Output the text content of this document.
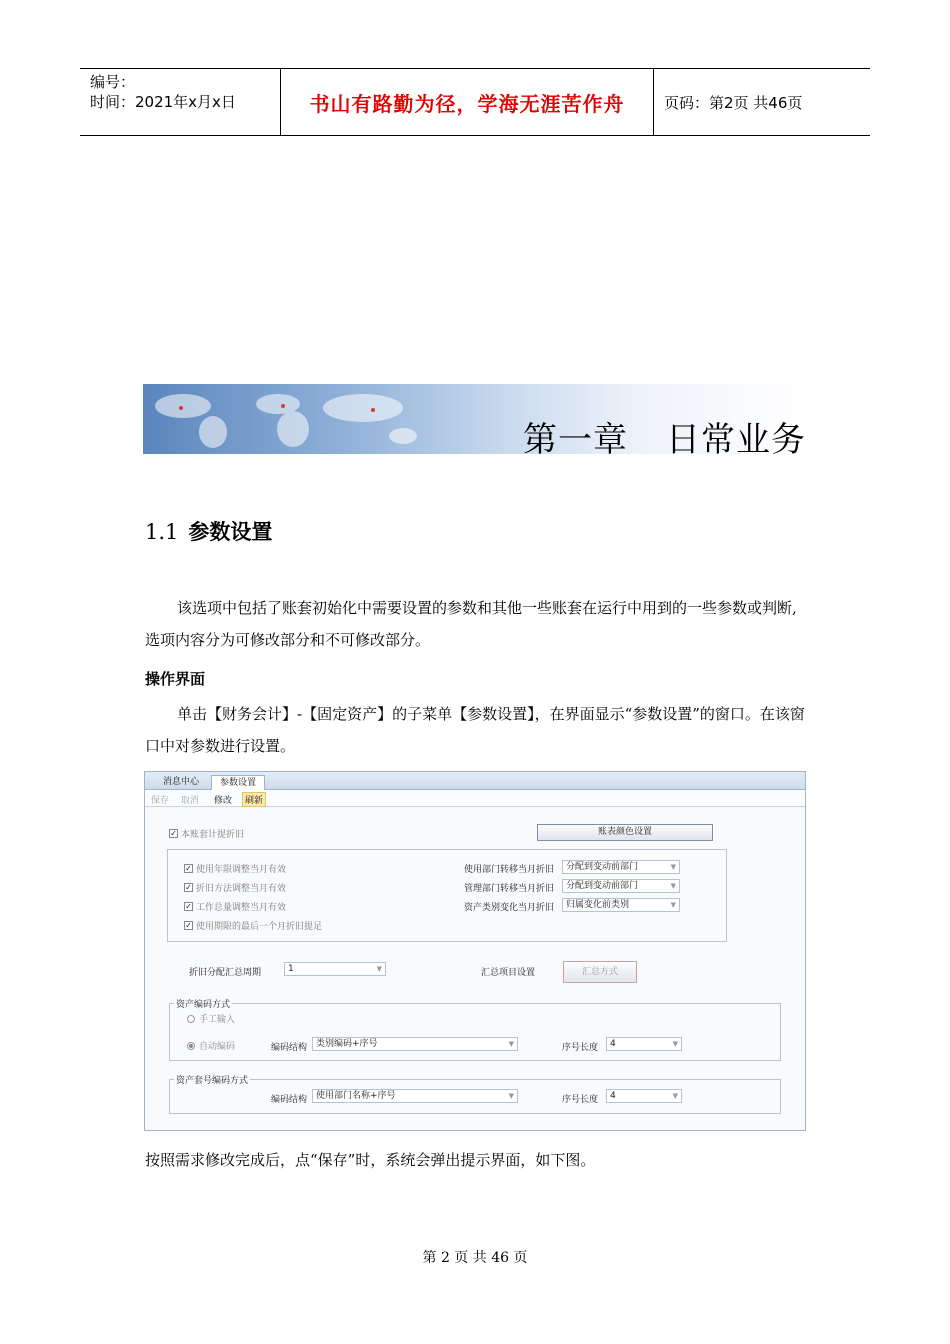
编号：
时间：2021年x月x日	书山有路勤为径，学海无涯苦作舟	页码：第2页 共46页
第一章 日常业务
1.1 参数设置
该选项中包括了账套初始化中需要设置的参数和其他一些账套在运行中用到的一些参数或判断,选项内容分为可修改部分和不可修改部分。
操作界面
单击【财务会计】-【固定资产】的子菜单【参数设置】，在界面显示“参数设置”的窗口。在该窗口中对参数进行设置。
消息中心	参数设置
保存 取消 修改	刷新
✓ 本账套计提折旧	账表颜色设置
✓ 使用年限调整当月有效
✓ 折旧方法调整当月有效
✓ 工作总量调整当月有效
✓ 使用期限的最后一个月折旧提足
使用部门转移当月折旧	分配到变动前部门	▼
管理部门转移当月折旧	分配到变动前部门	▼
资产类别变化当月折旧	归属变化前类别	▼
折旧分配汇总周期	1	▼	汇总项目设置	汇总方式
资产编码方式
手工输入
自动编码	编码结构 类别编码+序号	▼	序号长度	4	▼
资产套号编码方式
编码结构 使用部门名称+序号	▼	序号长度	4	▼
按照需求修改完成后，点“保存”时，系统会弹出提示界面，如下图。
第 2 页 共 46 页
